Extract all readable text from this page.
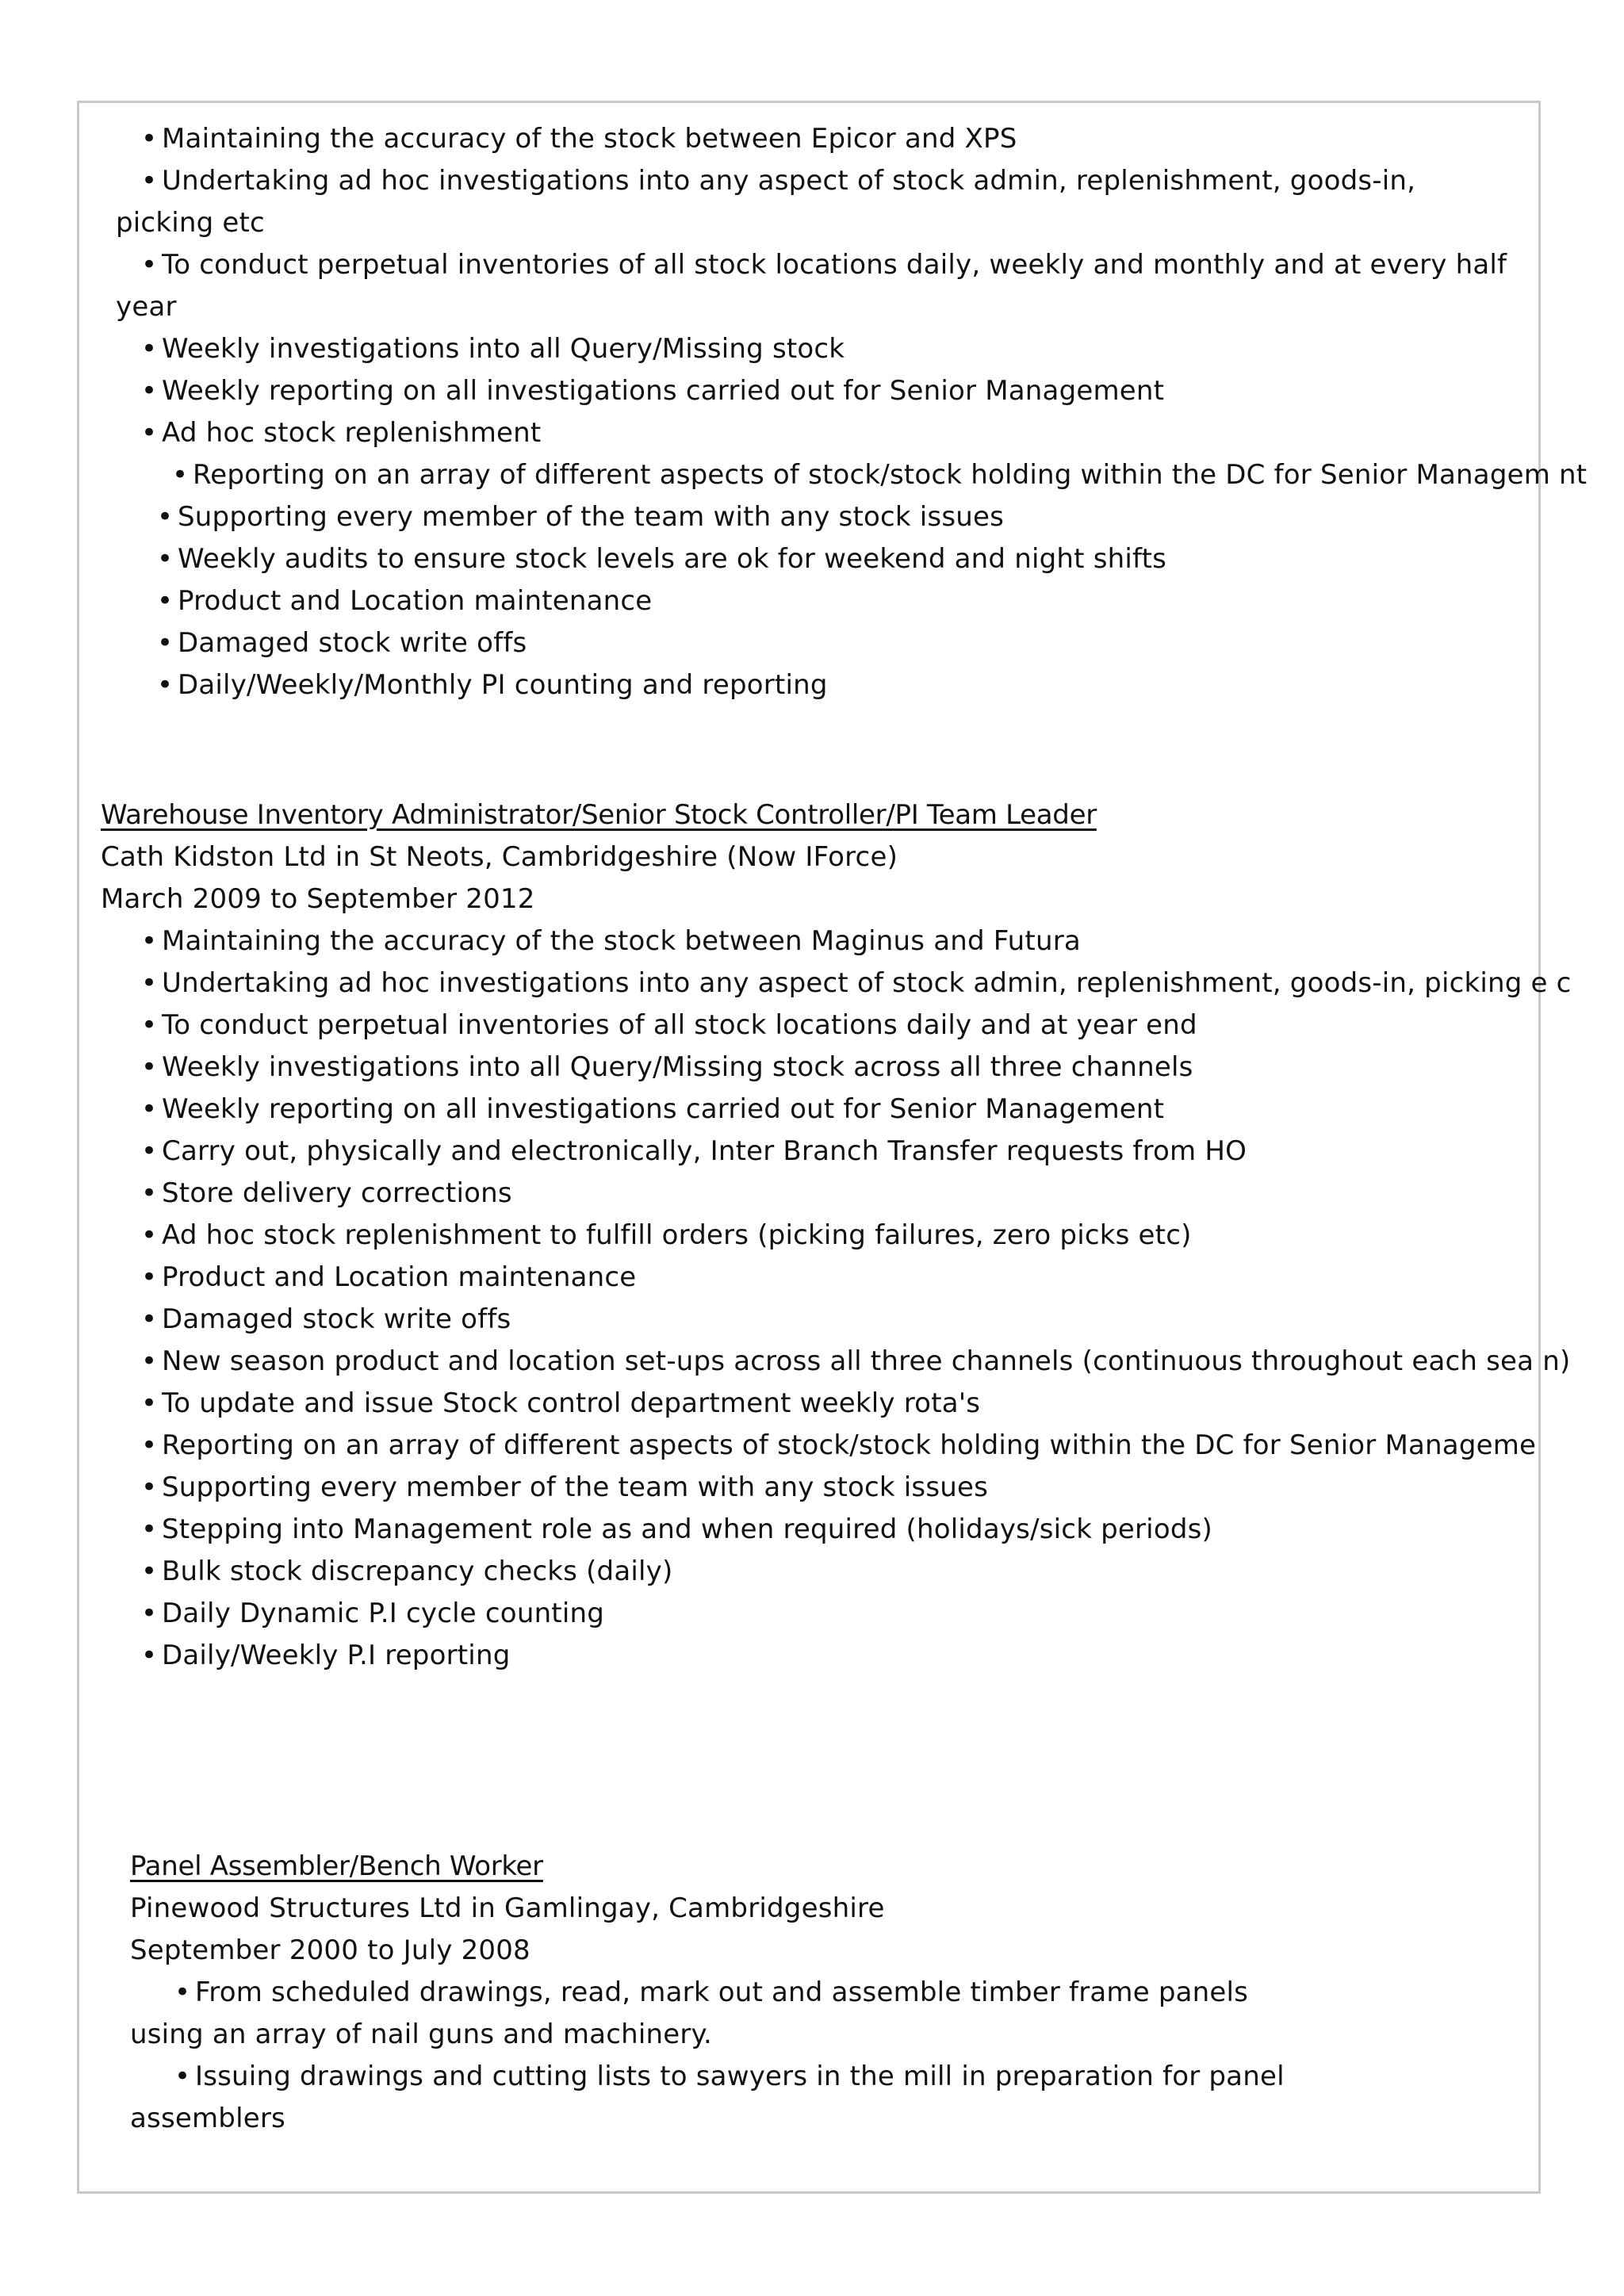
• Maintaining the accuracy of the stock between Epicor and XPS
• Undertaking ad hoc investigations into any aspect of stock admin, replenishment, goods-in,
picking etc
• To conduct perpetual inventories of all stock locations daily, weekly and monthly and at every half
year
• Weekly investigations into all Query/Missing stock
• Weekly reporting on all investigations carried out for Senior Management
• Ad hoc stock replenishment
• Reporting on an array of different aspects of stock/stock holding within the DC for Senior Managem nt
• Supporting every member of the team with any stock issues
• Weekly audits to ensure stock levels are ok for weekend and night shifts
• Product and Location maintenance
• Damaged stock write offs
• Daily/Weekly/Monthly PI counting and reporting
Warehouse Inventory Administrator/Senior Stock Controller/PI Team Leader
Cath Kidston Ltd in St Neots, Cambridgeshire (Now IForce)
March 2009 to September 2012
• Maintaining the accuracy of the stock between Maginus and Futura
• Undertaking ad hoc investigations into any aspect of stock admin, replenishment, goods-in, picking e c
• To conduct perpetual inventories of all stock locations daily and at year end
• Weekly investigations into all Query/Missing stock across all three channels
• Weekly reporting on all investigations carried out for Senior Management
• Carry out, physically and electronically, Inter Branch Transfer requests from HO
• Store delivery corrections
• Ad hoc stock replenishment to fulfill orders (picking failures, zero picks etc)
• Product and Location maintenance
• Damaged stock write offs
• New season product and location set-ups across all three channels (continuous throughout each sea n)
• To update and issue Stock control department weekly rota's
• Reporting on an array of different aspects of stock/stock holding within the DC for Senior Manageme
• Supporting every member of the team with any stock issues
• Stepping into Management role as and when required (holidays/sick periods)
• Bulk stock discrepancy checks (daily)
• Daily Dynamic P.I cycle counting
• Daily/Weekly P.I reporting
Panel Assembler/Bench Worker
Pinewood Structures Ltd in Gamlingay, Cambridgeshire
September 2000 to July 2008
• From scheduled drawings, read, mark out and assemble timber frame panels
using an array of nail guns and machinery.
• Issuing drawings and cutting lists to sawyers in the mill in preparation for panel
assemblers
